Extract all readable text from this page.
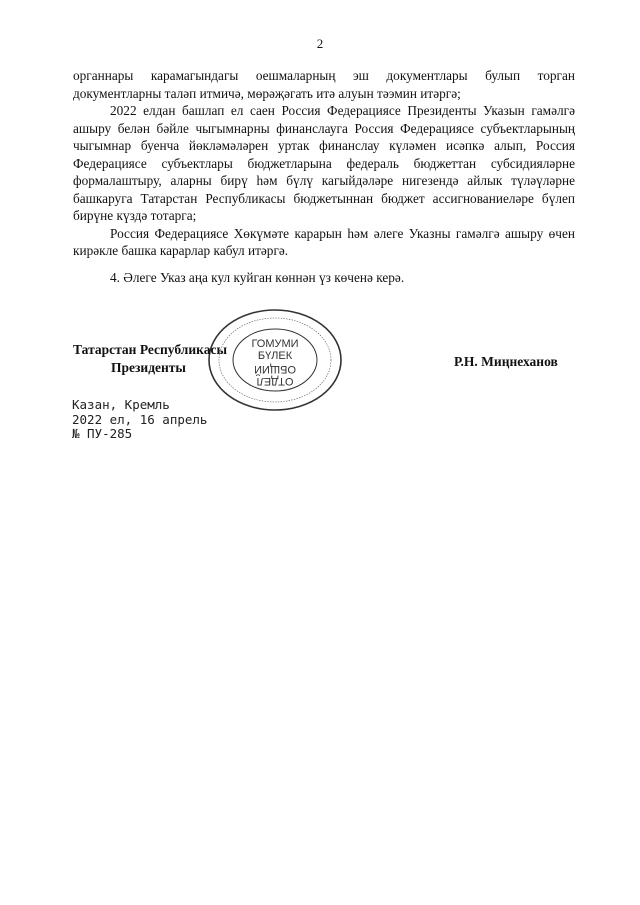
2

органнары карамагындагы оешмаларның эш документлары булып торган документларны таләп итмичә, мөрәҗәгать итә алуын тәэмин итәргә;

2022 елдан башлап ел саен Россия Федерациясе Президенты Указын гамәлгә ашыру белән бәйле чыгымнарны финанслауга Россия Федерациясе субъектларының чыгымнар буенча йөкләмәләрен уртак финанслау күләмен исәпкә алып, Россия Федерациясе субъектлары бюджетларына федераль бюджеттан субсидияләрне формалаштыру, аларны бирү һәм бүлү кагыйдәләре нигезендә айлык түләүләрне башкаруга Татарстан Республикасы бюджетыннан бюджет ассигнованиеләре бүлеп бирүне күздә тотарга;

Россия Федерациясе Хөкүмәте карарын һәм әлеге Указны гамәлгә ашыру өчен кирәкле башка карарлар кабул итәргә.

4. Әлеге Указ аңа кул куйган көннән үз көченә керә.

ГОМУМИ
БҮЛЕК
ОТДЕЛ
ОБЩИЙ
Татарстан Республикасы
Президенты	Р.Н. Миңнеханов
Казан, Кремль
2022 ел, 16 апрель
№ ПУ-285
